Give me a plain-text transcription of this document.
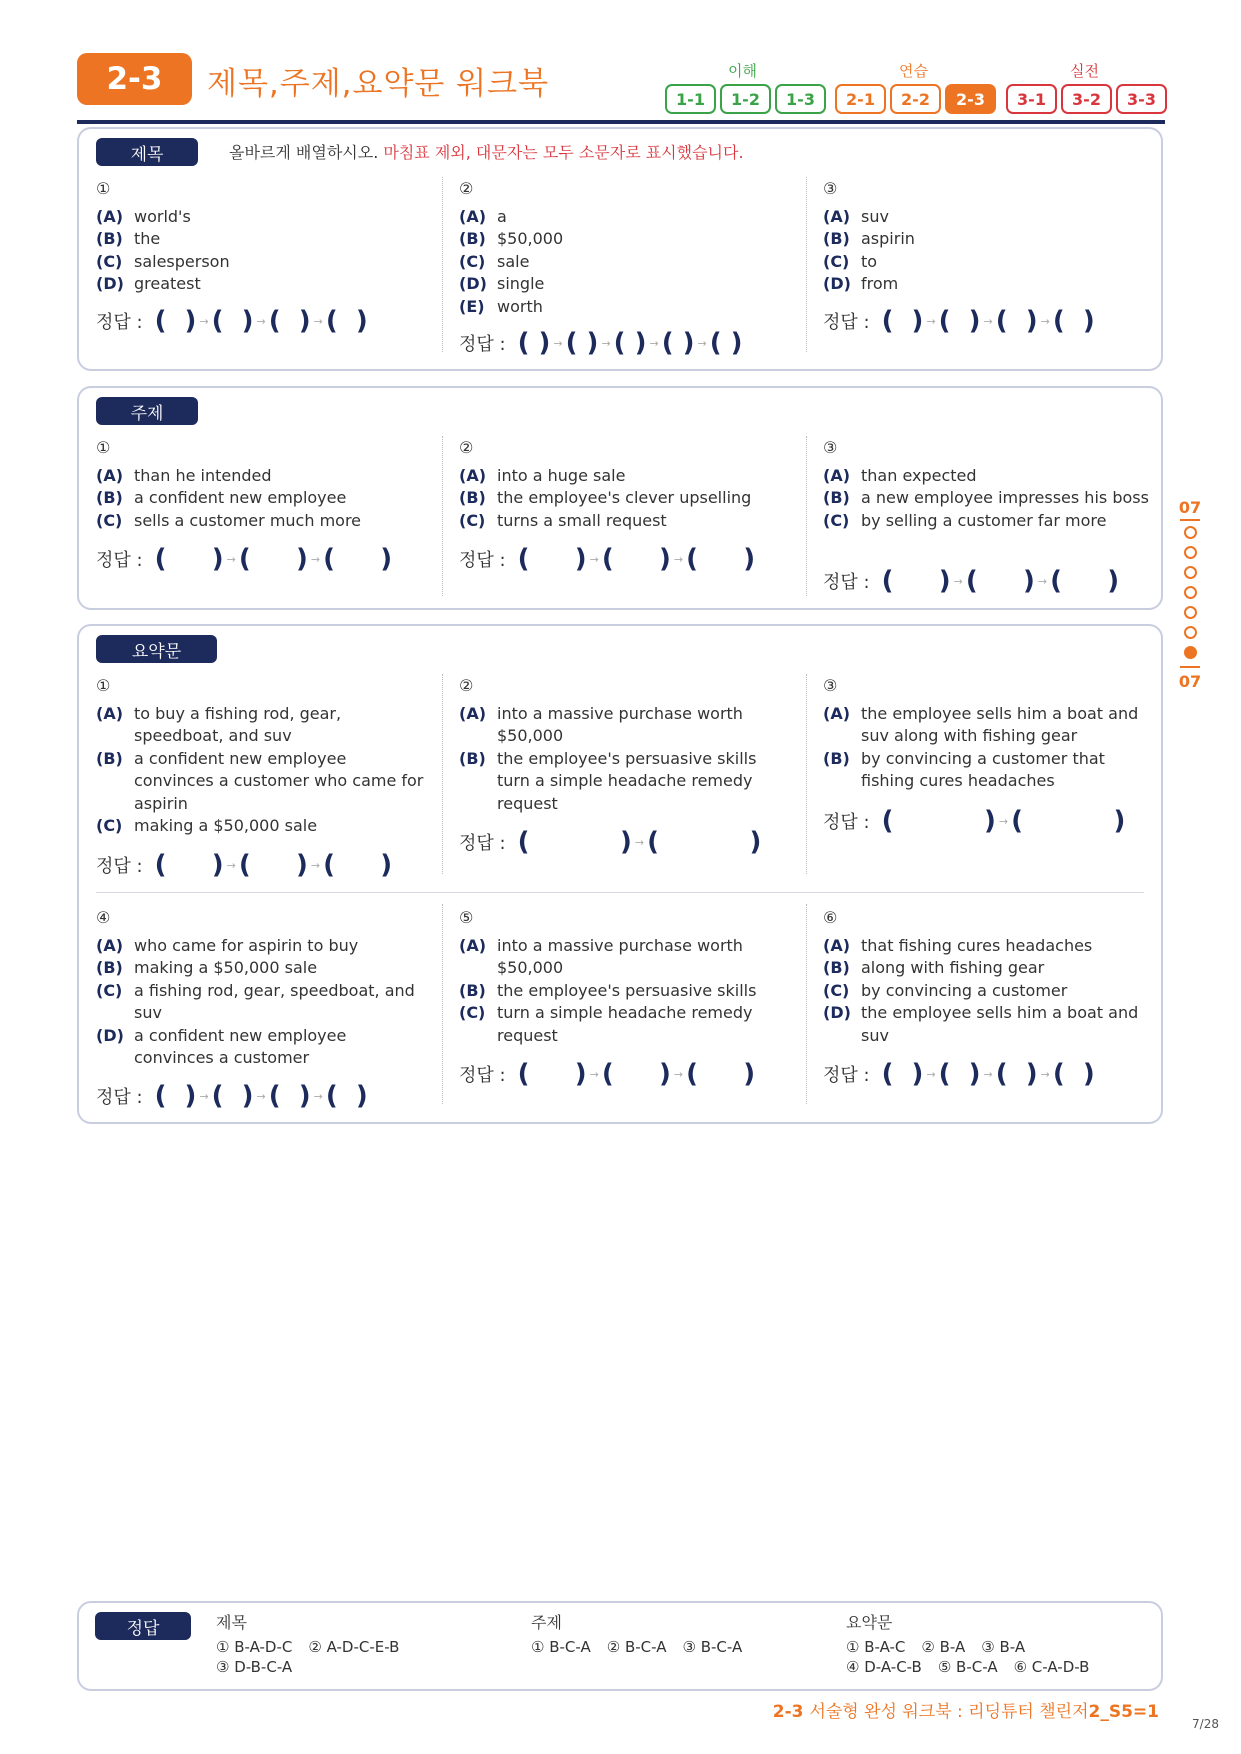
2-3	제목,주제,요약문 워크북	이해	연습	실전
1-1	1-2	1-3	2-1	2-2	2-3	3-1	3-2	3-3
제목	올바르게 배열하시오. 마침표 제외, 대문자는 모두 소문자로 표시했습니다.
①
(A) world's
(B) the
(C) salesperson
(D) greatest
정답 : (  ) → (  ) → (  ) → (  )
②
(A) a
(B) $50,000
(C) sale
(D) single
(E) worth
정답 : ( ) → ( ) → ( ) → ( ) → ( )
③
(A) suv
(B) aspirin
(C) to
(D) from
정답 : (  ) → (  ) → (  ) → (  )
주제
①
(A) than he intended
(B) a confident new employee
(C) sells a customer much more
정답 : (     ) → (     ) → (     )
②
(A) into a huge sale
(B) the employee's clever upselling
(C) turns a small request
정답 : (     ) → (     ) → (     )
③
(A) than expected
(B) a new employee impresses his boss
(C) by selling a customer far more
정답 : (     ) → (     ) → (     )
요약문
①
(A) to buy a fishing rod, gear, speedboat, and suv
(B) a confident new employee convinces a customer who came for aspirin
(C) making a $50,000 sale
정답 : (     ) → (     ) → (     )
②
(A) into a massive purchase worth $50,000
(B) the employee's persuasive skills turn a simple headache remedy request
정답 : (          ) → (          )
③
(A) the employee sells him a boat and suv along with fishing gear
(B) by convincing a customer that fishing cures headaches
정답 : (          ) → (          )
④
(A) who came for aspirin to buy
(B) making a $50,000 sale
(C) a fishing rod, gear, speedboat, and suv
(D) a confident new employee convinces a customer
정답 : (  ) → (  ) → (  ) → (  )
⑤
(A) into a massive purchase worth $50,000
(B) the employee's persuasive skills
(C) turn a simple headache remedy request
정답 : (     ) → (     ) → (     )
⑥
(A) that fishing cures headaches
(B) along with fishing gear
(C) by convincing a customer
(D) the employee sells him a boat and suv
정답 : (  ) → (  ) → (  ) → (  )
07
07
정답	제목
① B-A-D-C ② A-D-C-E-B
③ D-B-C-A
주제
① B-C-A ② B-C-A ③ B-C-A
요약문
① B-A-C ② B-A ③ B-A
④ D-A-C-B ⑤ B-C-A ⑥ C-A-D-B
2-3 서술형 완성 워크북 : 리딩튜터 챌린저2_S5=1
7/28
